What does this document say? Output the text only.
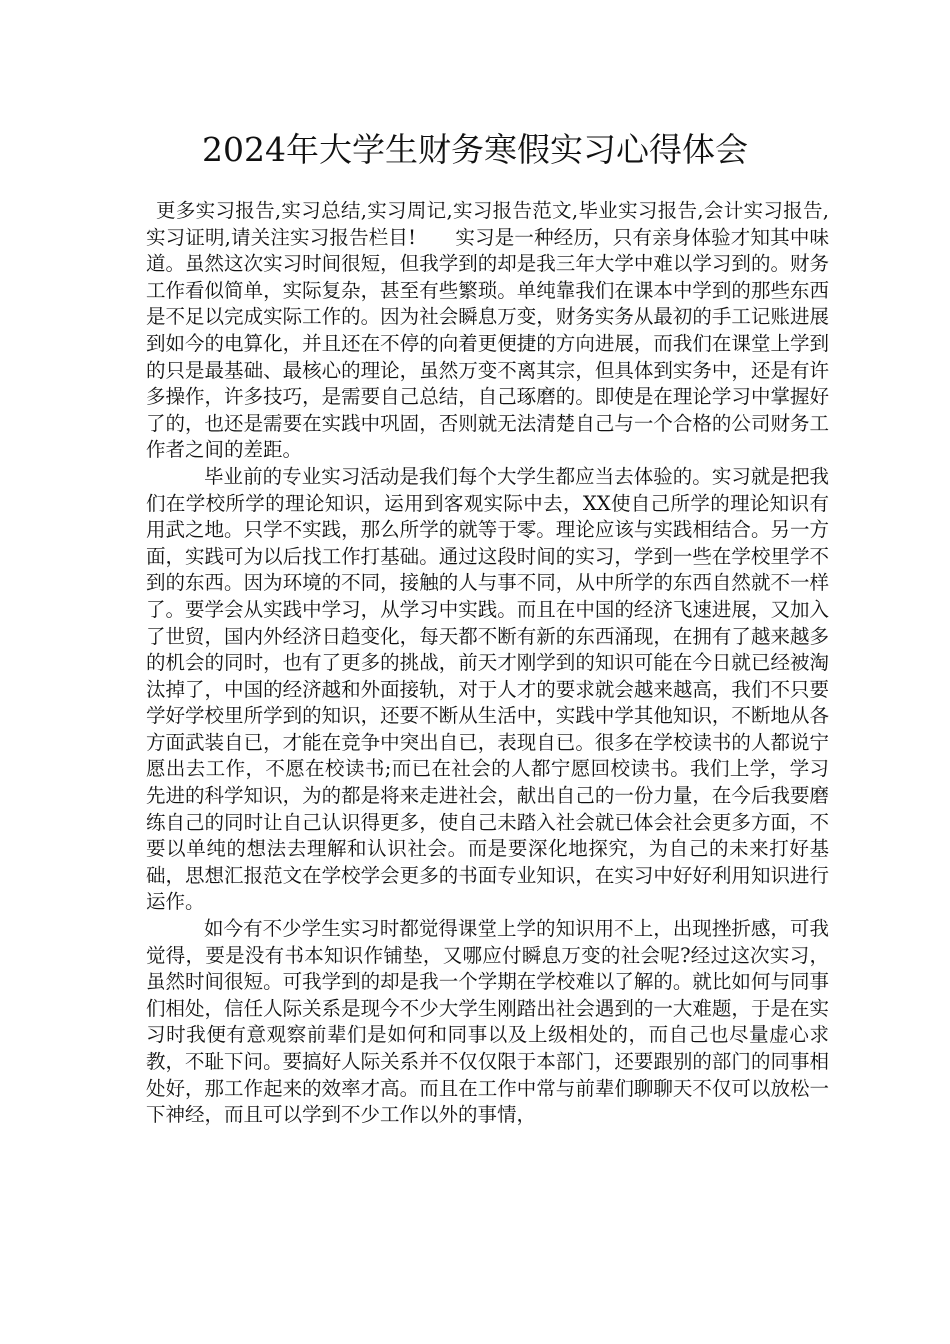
2024年大学生财务寒假实习心得体会

更多实习报告,实习总结,实习周记,实习报告范文,毕业实习报告,会计实习报告,实习证明,请关注实习报告栏目!　　实习是一种经历，只有亲身体验才知其中味道。虽然这次实习时间很短，但我学到的却是我三年大学中难以学习到的。财务工作看似简单，实际复杂，甚至有些繁琐。单纯靠我们在课本中学到的那些东西是不足以完成实际工作的。因为社会瞬息万变，财务实务从最初的手工记账进展到如今的电算化，并且还在不停的向着更便捷的方向进展，而我们在课堂上学到的只是最基础、最核心的理论，虽然万变不离其宗，但具体到实务中，还是有许多操作，许多技巧，是需要自己总结，自己琢磨的。即使是在理论学习中掌握好了的，也还是需要在实践中巩固，否则就无法清楚自己与一个合格的公司财务工作者之间的差距。

毕业前的专业实习活动是我们每个大学生都应当去体验的。实习就是把我们在学校所学的理论知识，运用到客观实际中去，XX使自己所学的理论知识有用武之地。只学不实践，那么所学的就等于零。理论应该与实践相结合。另一方面，实践可为以后找工作打基础。通过这段时间的实习，学到一些在学校里学不到的东西。因为环境的不同，接触的人与事不同，从中所学的东西自然就不一样了。要学会从实践中学习，从学习中实践。而且在中国的经济飞速进展，又加入了世贸，国内外经济日趋变化，每天都不断有新的东西涌现，在拥有了越来越多的机会的同时，也有了更多的挑战，前天才刚学到的知识可能在今日就已经被淘汰掉了，中国的经济越和外面接轨，对于人才的要求就会越来越高，我们不只要学好学校里所学到的知识，还要不断从生活中，实践中学其他知识，不断地从各方面武装自已，才能在竞争中突出自已，表现自已。很多在学校读书的人都说宁愿出去工作，不愿在校读书;而已在社会的人都宁愿回校读书。我们上学，学习先进的科学知识，为的都是将来走进社会，献出自己的一份力量，在今后我要磨练自己的同时让自己认识得更多，使自己未踏入社会就已体会社会更多方面，不要以单纯的想法去理解和认识社会。而是要深化地探究，为自己的未来打好基础，思想汇报范文在学校学会更多的书面专业知识，在实习中好好利用知识进行运作。

如今有不少学生实习时都觉得课堂上学的知识用不上，出现挫折感，可我觉得，要是没有书本知识作铺垫，又哪应付瞬息万变的社会呢?经过这次实习，虽然时间很短。可我学到的却是我一个学期在学校难以了解的。就比如何与同事们相处，信任人际关系是现今不少大学生刚踏出社会遇到的一大难题，于是在实习时我便有意观察前辈们是如何和同事以及上级相处的，而自己也尽量虚心求教，不耻下问。要搞好人际关系并不仅仅限于本部门，还要跟别的部门的同事相处好，那工作起来的效率才高。而且在工作中常与前辈们聊聊天不仅可以放松一下神经，而且可以学到不少工作以外的事情，
